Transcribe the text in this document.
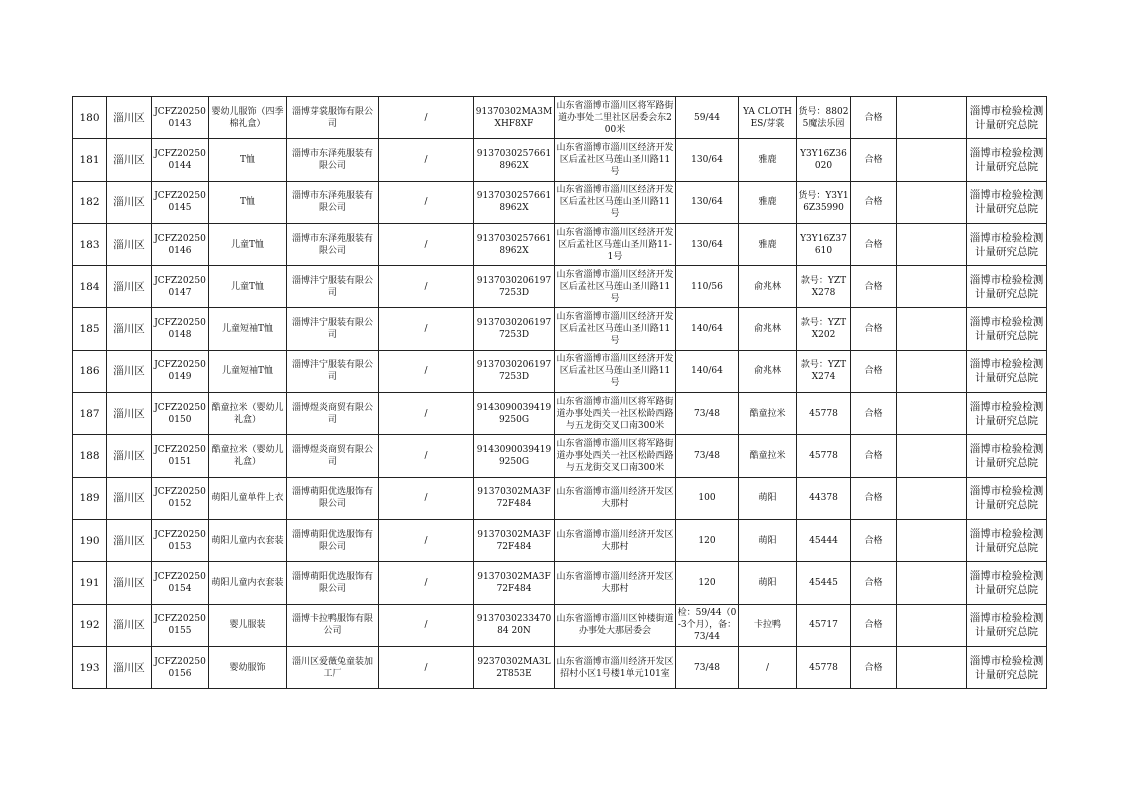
180	淄川区	JCFZ202500143	婴幼儿服饰（四季棉礼盒）	淄博芽裳服饰有限公司	/	91370302MA3MXHF8XF	山东省淄博市淄川区将军路街道办事处二里社区居委会东200米	59/44	YA CLOTHES/芽裳	货号：88025魔法乐园	合格		淄博市检验检测计量研究总院

181	淄川区	JCFZ202500144	T恤	淄博市东泽苑服装有限公司	/	91370302576618962X	山东省淄博市淄川区经济开发区后孟社区马莲山圣川路11号	130/64	雅鹿	Y3Y16Z36020	合格		淄博市检验检测计量研究总院

182	淄川区	JCFZ202500145	T恤	淄博市东泽苑服装有限公司	/	91370302576618962X	山东省淄博市淄川区经济开发区后孟社区马莲山圣川路11号	130/64	雅鹿	货号：Y3Y16Z35990	合格		淄博市检验检测计量研究总院

183	淄川区	JCFZ202500146	儿童T恤	淄博市东泽苑服装有限公司	/	91370302576618962X	山东省淄博市淄川区经济开发区后孟社区马莲山圣川路11-1号	130/64	雅鹿	Y3Y16Z37610	合格		淄博市检验检测计量研究总院

184	淄川区	JCFZ202500147	儿童T恤	淄博沣宁服装有限公司	/	91370302061977253D	山东省淄博市淄川区经济开发区后孟社区马莲山圣川路11号	110/56	俞兆林	款号：YZTX278	合格		淄博市检验检测计量研究总院

185	淄川区	JCFZ202500148	儿童短袖T恤	淄博沣宁服装有限公司	/	91370302061977253D	山东省淄博市淄川区经济开发区后孟社区马莲山圣川路11号	140/64	俞兆林	款号：YZTX202	合格		淄博市检验检测计量研究总院

186	淄川区	JCFZ202500149	儿童短袖T恤	淄博沣宁服装有限公司	/	91370302061977253D	山东省淄博市淄川区经济开发区后孟社区马莲山圣川路11号	140/64	俞兆林	款号：YZTX274	合格		淄博市检验检测计量研究总院

187	淄川区	JCFZ202500150	酷童拉米（婴幼儿礼盒）	淄博煜炎商贸有限公司	/	91430900394199250G	山东省淄博市淄川区将军路街道办事处西关一社区松龄西路与五龙街交叉口南300米	73/48	酷童拉米	45778	合格		淄博市检验检测计量研究总院

188	淄川区	JCFZ202500151	酷童拉米（婴幼儿礼盒）	淄博煜炎商贸有限公司	/	91430900394199250G	山东省淄博市淄川区将军路街道办事处西关一社区松龄西路与五龙街交叉口南300米	73/48	酷童拉米	45778	合格		淄博市检验检测计量研究总院

189	淄川区	JCFZ202500152	萌阳儿童单件上衣	淄博萌阳优选服饰有限公司	/	91370302MA3F72F484	山东省淄博市淄川经济开发区大那村	100	萌阳	44378	合格		淄博市检验检测计量研究总院

190	淄川区	JCFZ202500153	萌阳儿童内衣套装	淄博萌阳优选服饰有限公司	/	91370302MA3F72F484	山东省淄博市淄川经济开发区大那村	120	萌阳	45444	合格		淄博市检验检测计量研究总院

191	淄川区	JCFZ202500154	萌阳儿童内衣套装	淄博萌阳优选服饰有限公司	/	91370302MA3F72F484	山东省淄博市淄川经济开发区大那村	120	萌阳	45445	合格		淄博市检验检测计量研究总院

192	淄川区	JCFZ202500155	婴儿服装	淄博卡拉鸭服饰有限公司	/	913703023347084 20N	山东省淄博市淄川区钟楼街道办事处大那居委会	检：59/44（0-3个月），备：73/44	卡拉鸭	45717	合格		淄博市检验检测计量研究总院

193	淄川区	JCFZ202500156	婴幼服饰	淄川区爱薇兔童装加工厂	/	92370302MA3L2T853E	山东省淄博市淄川经济开发区招村小区1号楼1单元101室	73/48	/	45778	合格		淄博市检验检测计量研究总院
